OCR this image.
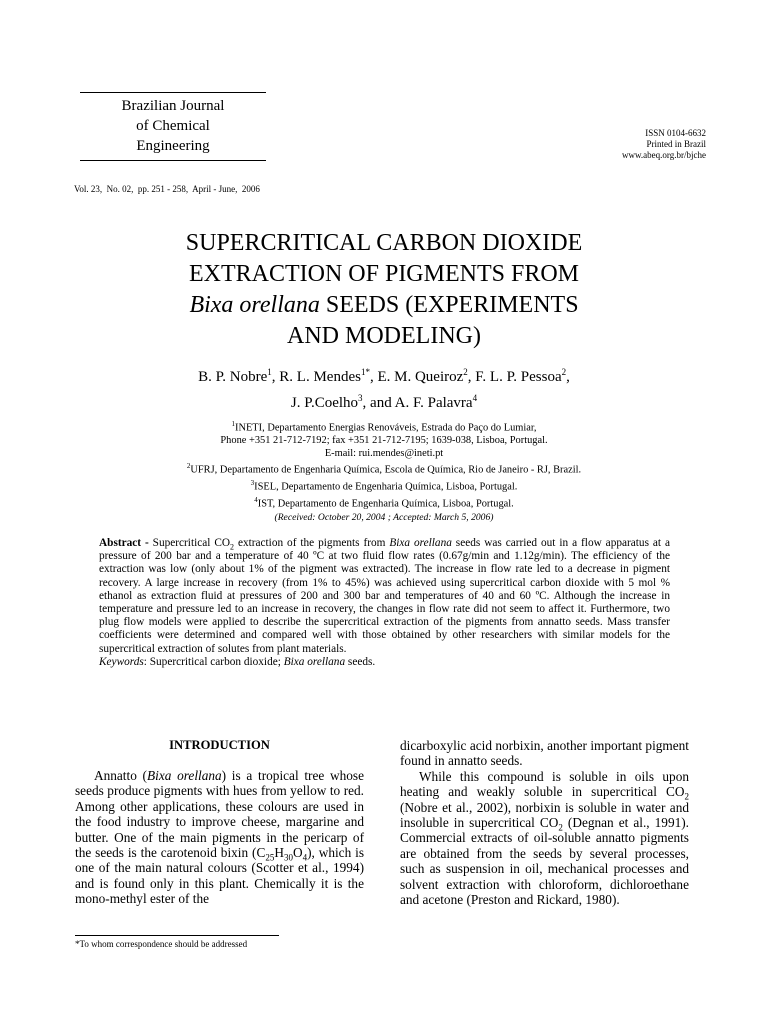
Brazilian Journal
of Chemical
Engineering
ISSN 0104-6632
Printed in Brazil
www.abeq.org.br/bjche
Vol. 23,  No. 02,  pp. 251 - 258,  April - June,  2006
SUPERCRITICAL CARBON DIOXIDE
EXTRACTION OF PIGMENTS FROM
Bixa orellana SEEDS (EXPERIMENTS
AND MODELING)
B. P. Nobre$^1$, R. L. Mendes$^{1*}$, E. M. Queiroz$^2$, F. L. P. Pessoa$^2$,
J. P.Coelho$^3$, and A. F. Palavra$^4$
$^1$INETI, Departamento Energias Renováveis, Estrada do Paço do Lumiar,
Phone +351 21-712-7192; fax +351 21-712-7195; 1639-038, Lisboa, Portugal.
E-mail: rui.mendes@ineti.pt
$^2$UFRJ, Departamento de Engenharia Química, Escola de Química, Rio de Janeiro - RJ, Brazil.
$^3$ISEL, Departamento de Engenharia Química, Lisboa, Portugal.
$^4$IST, Departamento de Engenharia Química, Lisboa, Portugal.
(Received: October 20, 2004 ; Accepted: March 5, 2006)
Abstract - Supercritical $CO_2$ extraction of the pigments from Bixa orellana seeds was carried out in a flow apparatus at a pressure of 200 bar and a temperature of 40 ºC at two fluid flow rates (0.67g/min and 1.12g/min). The efficiency of the extraction was low (only about 1% of the pigment was extracted). The increase in flow rate led to a decrease in pigment recovery. A large increase in recovery (from 1% to 45%) was achieved using supercritical carbon dioxide with 5 mol % ethanol as extraction fluid at pressures of 200 and 300 bar and temperatures of 40 and 60 ºC. Although the increase in temperature and pressure led to an increase in recovery, the changes in flow rate did not seem to affect it. Furthermore, two plug flow models were applied to describe the supercritical extraction of the pigments from annatto seeds. Mass transfer coefficients were determined and compared well with those obtained by other researchers with similar models for the supercritical extraction of solutes from plant materials.
Keywords: Supercritical carbon dioxide; Bixa orellana seeds.
INTRODUCTION

Annatto (Bixa orellana) is a tropical tree whose seeds produce pigments with hues from yellow to red. Among other applications, these colours are used in the food industry to improve cheese, margarine and butter. One of the main pigments in the pericarp of the seeds is the carotenoid bixin $(C_{25}H_{30}O_4)$, which is one of the main natural colours (Scotter et al., 1994) and is found only in this plant. Chemically it is the mono-methyl ester of the

dicarboxylic acid norbixin, another important pigment found in annatto seeds.

While this compound is soluble in oils upon heating and weakly soluble in supercritical $CO_2$ (Nobre et al., 2002), norbixin is soluble in water and insoluble in supercritical $CO_2$ (Degnan et al., 1991). Commercial extracts of oil-soluble annatto pigments are obtained from the seeds by several processes, such as suspension in oil, mechanical processes and solvent extraction with chloroform, dichloroethane and acetone (Preston and Rickard, 1980).

*To whom correspondence should be addressed
